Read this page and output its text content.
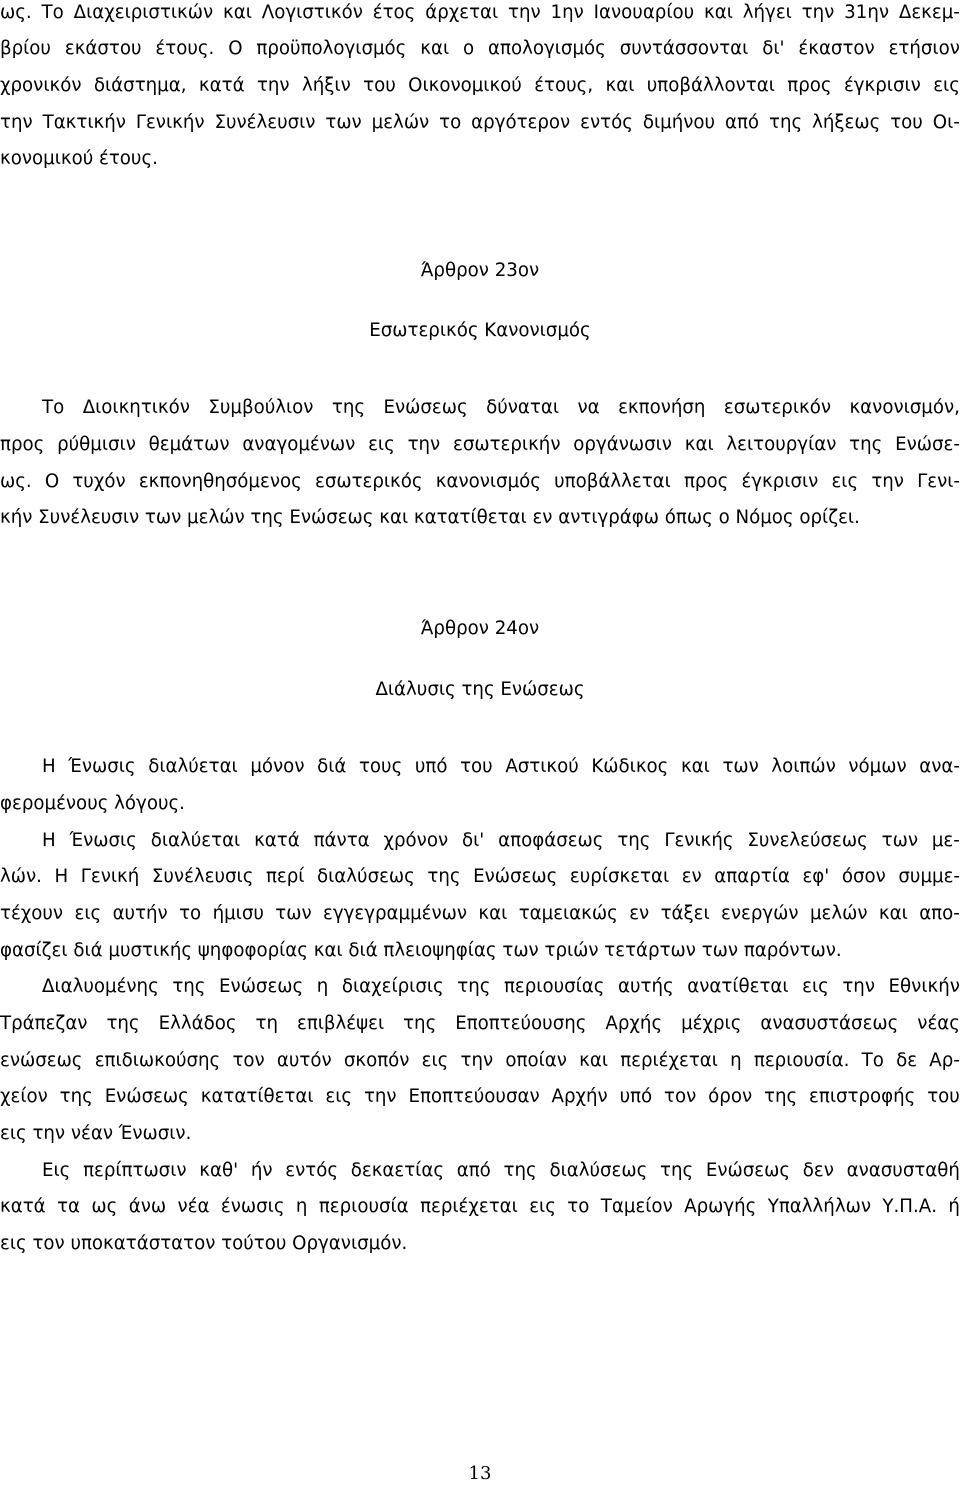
ως. Το Διαχειριστικών και Λογιστικόν έτος άρχεται την 1ην Ιανουαρίου και λήγει την 31ην Δεκεμ-
βρίου εκάστου έτους. Ο προϋπολογισμός και ο απολογισμός συντάσσονται δι' έκαστον ετήσιον
χρονικόν διάστημα, κατά την λήξιν του Οικονομικού έτους, και υποβάλλονται προς έγκρισιν εις
την Τακτικήν Γενικήν Συνέλευσιν των μελών το αργότερον εντός διμήνου από της λήξεως του Οι-
κονομικού έτους.
Άρθρον 23ον
Εσωτερικός Κανονισμός
Το Διοικητικόν Συμβούλιον της Ενώσεως δύναται να εκπονήση εσωτερικόν κανονισμόν,
προς ρύθμισιν θεμάτων αναγομένων εις την εσωτερικήν οργάνωσιν και λειτουργίαν της Ενώσε-
ως. Ο τυχόν εκπονηθησόμενος εσωτερικός κανονισμός υποβάλλεται προς έγκρισιν εις την Γενι-
κήν Συνέλευσιν των μελών της Ενώσεως και κατατίθεται εν αντιγράφω όπως ο Νόμος ορίζει.
Άρθρον 24ον
Διάλυσις της Ενώσεως
Η Ένωσις διαλύεται μόνον διά τους υπό του Αστικού Κώδικος και των λοιπών νόμων ανα-
φερομένους λόγους.
Η Ένωσις διαλύεται κατά πάντα χρόνον δι' αποφάσεως της Γενικής Συνελεύσεως των με-
λών. Η Γενική Συνέλευσις περί διαλύσεως της Ενώσεως ευρίσκεται εν απαρτία εφ' όσον συμμε-
τέχουν εις αυτήν το ήμισυ των εγγεγραμμένων και ταμειακώς εν τάξει ενεργών μελών και απο-
φασίζει διά μυστικής ψηφοφορίας και διά πλειοψηφίας των τριών τετάρτων των παρόντων.
Διαλυομένης της Ενώσεως η διαχείρισις της περιουσίας αυτής ανατίθεται εις την Εθνικήν
Τράπεζαν της Ελλάδος τη επιβλέψει της Εποπτεύουσης Αρχής μέχρις ανασυστάσεως νέας
ενώσεως επιδιωκούσης τον αυτόν σκοπόν εις την οποίαν και περιέχεται η περιουσία. Το δε Αρ-
χείον της Ενώσεως κατατίθεται εις την Εποπτεύουσαν Αρχήν υπό τον όρον της επιστροφής του
εις την νέαν Ένωσιν.
Εις περίπτωσιν καθ' ήν εντός δεκαετίας από της διαλύσεως της Ενώσεως δεν ανασυσταθή
κατά τα ως άνω νέα ένωσις η περιουσία περιέχεται εις το Ταμείον Αρωγής Υπαλλήλων Υ.Π.Α. ή
εις τον υποκατάστατον τούτου Οργανισμόν.
13
